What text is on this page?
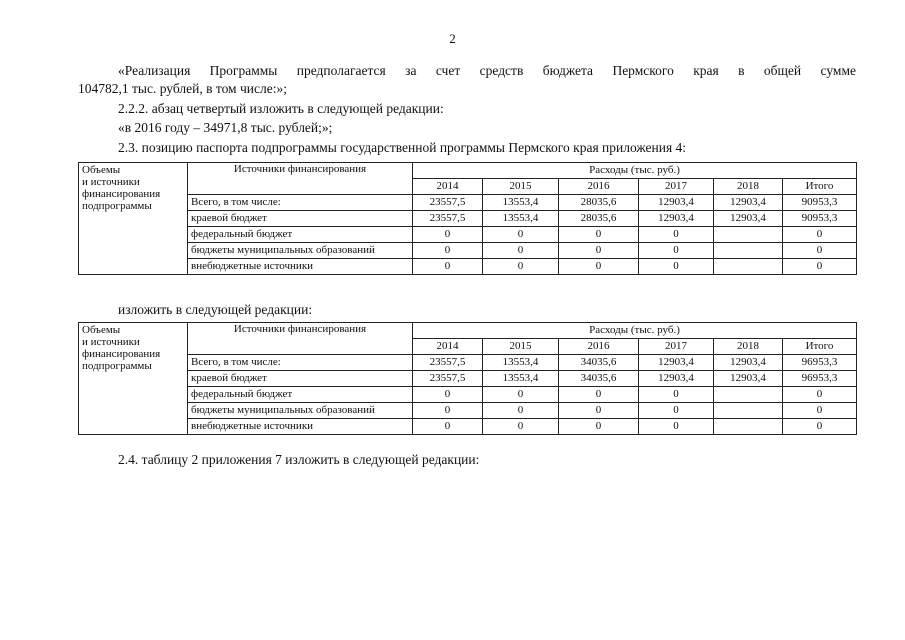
2
«Реализация Программы предполагается за счет средств бюджета Пермского края в общей сумме
104782,1 тыс. рублей, в том числе:»;
2.2.2. абзац четвертый изложить в следующей редакции:
«в 2016 году – 34971,8 тыс. рублей;»;
2.3. позицию паспорта подпрограммы государственной программы Пермского края приложения 4:
Объемы
и источники
финансирования
подпрограммы	Источники финансирования	Расходы (тыс. руб.)					
		2014	2015	2016	2017	2018	Итого
	Всего, в том числе:	23557,5	13553,4	28035,6	12903,4	12903,4	90953,3
	краевой бюджет	23557,5	13553,4	28035,6	12903,4	12903,4	90953,3
	федеральный бюджет	0	0	0	0		0
	бюджеты муниципальных образований	0	0	0	0		0
	внебюджетные источники	0	0	0	0		0
изложить в следующей редакции:
Объемы
и источники
финансирования
подпрограммы	Источники финансирования	Расходы (тыс. руб.)					
		2014	2015	2016	2017	2018	Итого
	Всего, в том числе:	23557,5	13553,4	34035,6	12903,4	12903,4	96953,3
	краевой бюджет	23557,5	13553,4	34035,6	12903,4	12903,4	96953,3
	федеральный бюджет	0	0	0	0		0
	бюджеты муниципальных образований	0	0	0	0		0
	внебюджетные источники	0	0	0	0		0
2.4. таблицу 2 приложения 7 изложить в следующей редакции:
